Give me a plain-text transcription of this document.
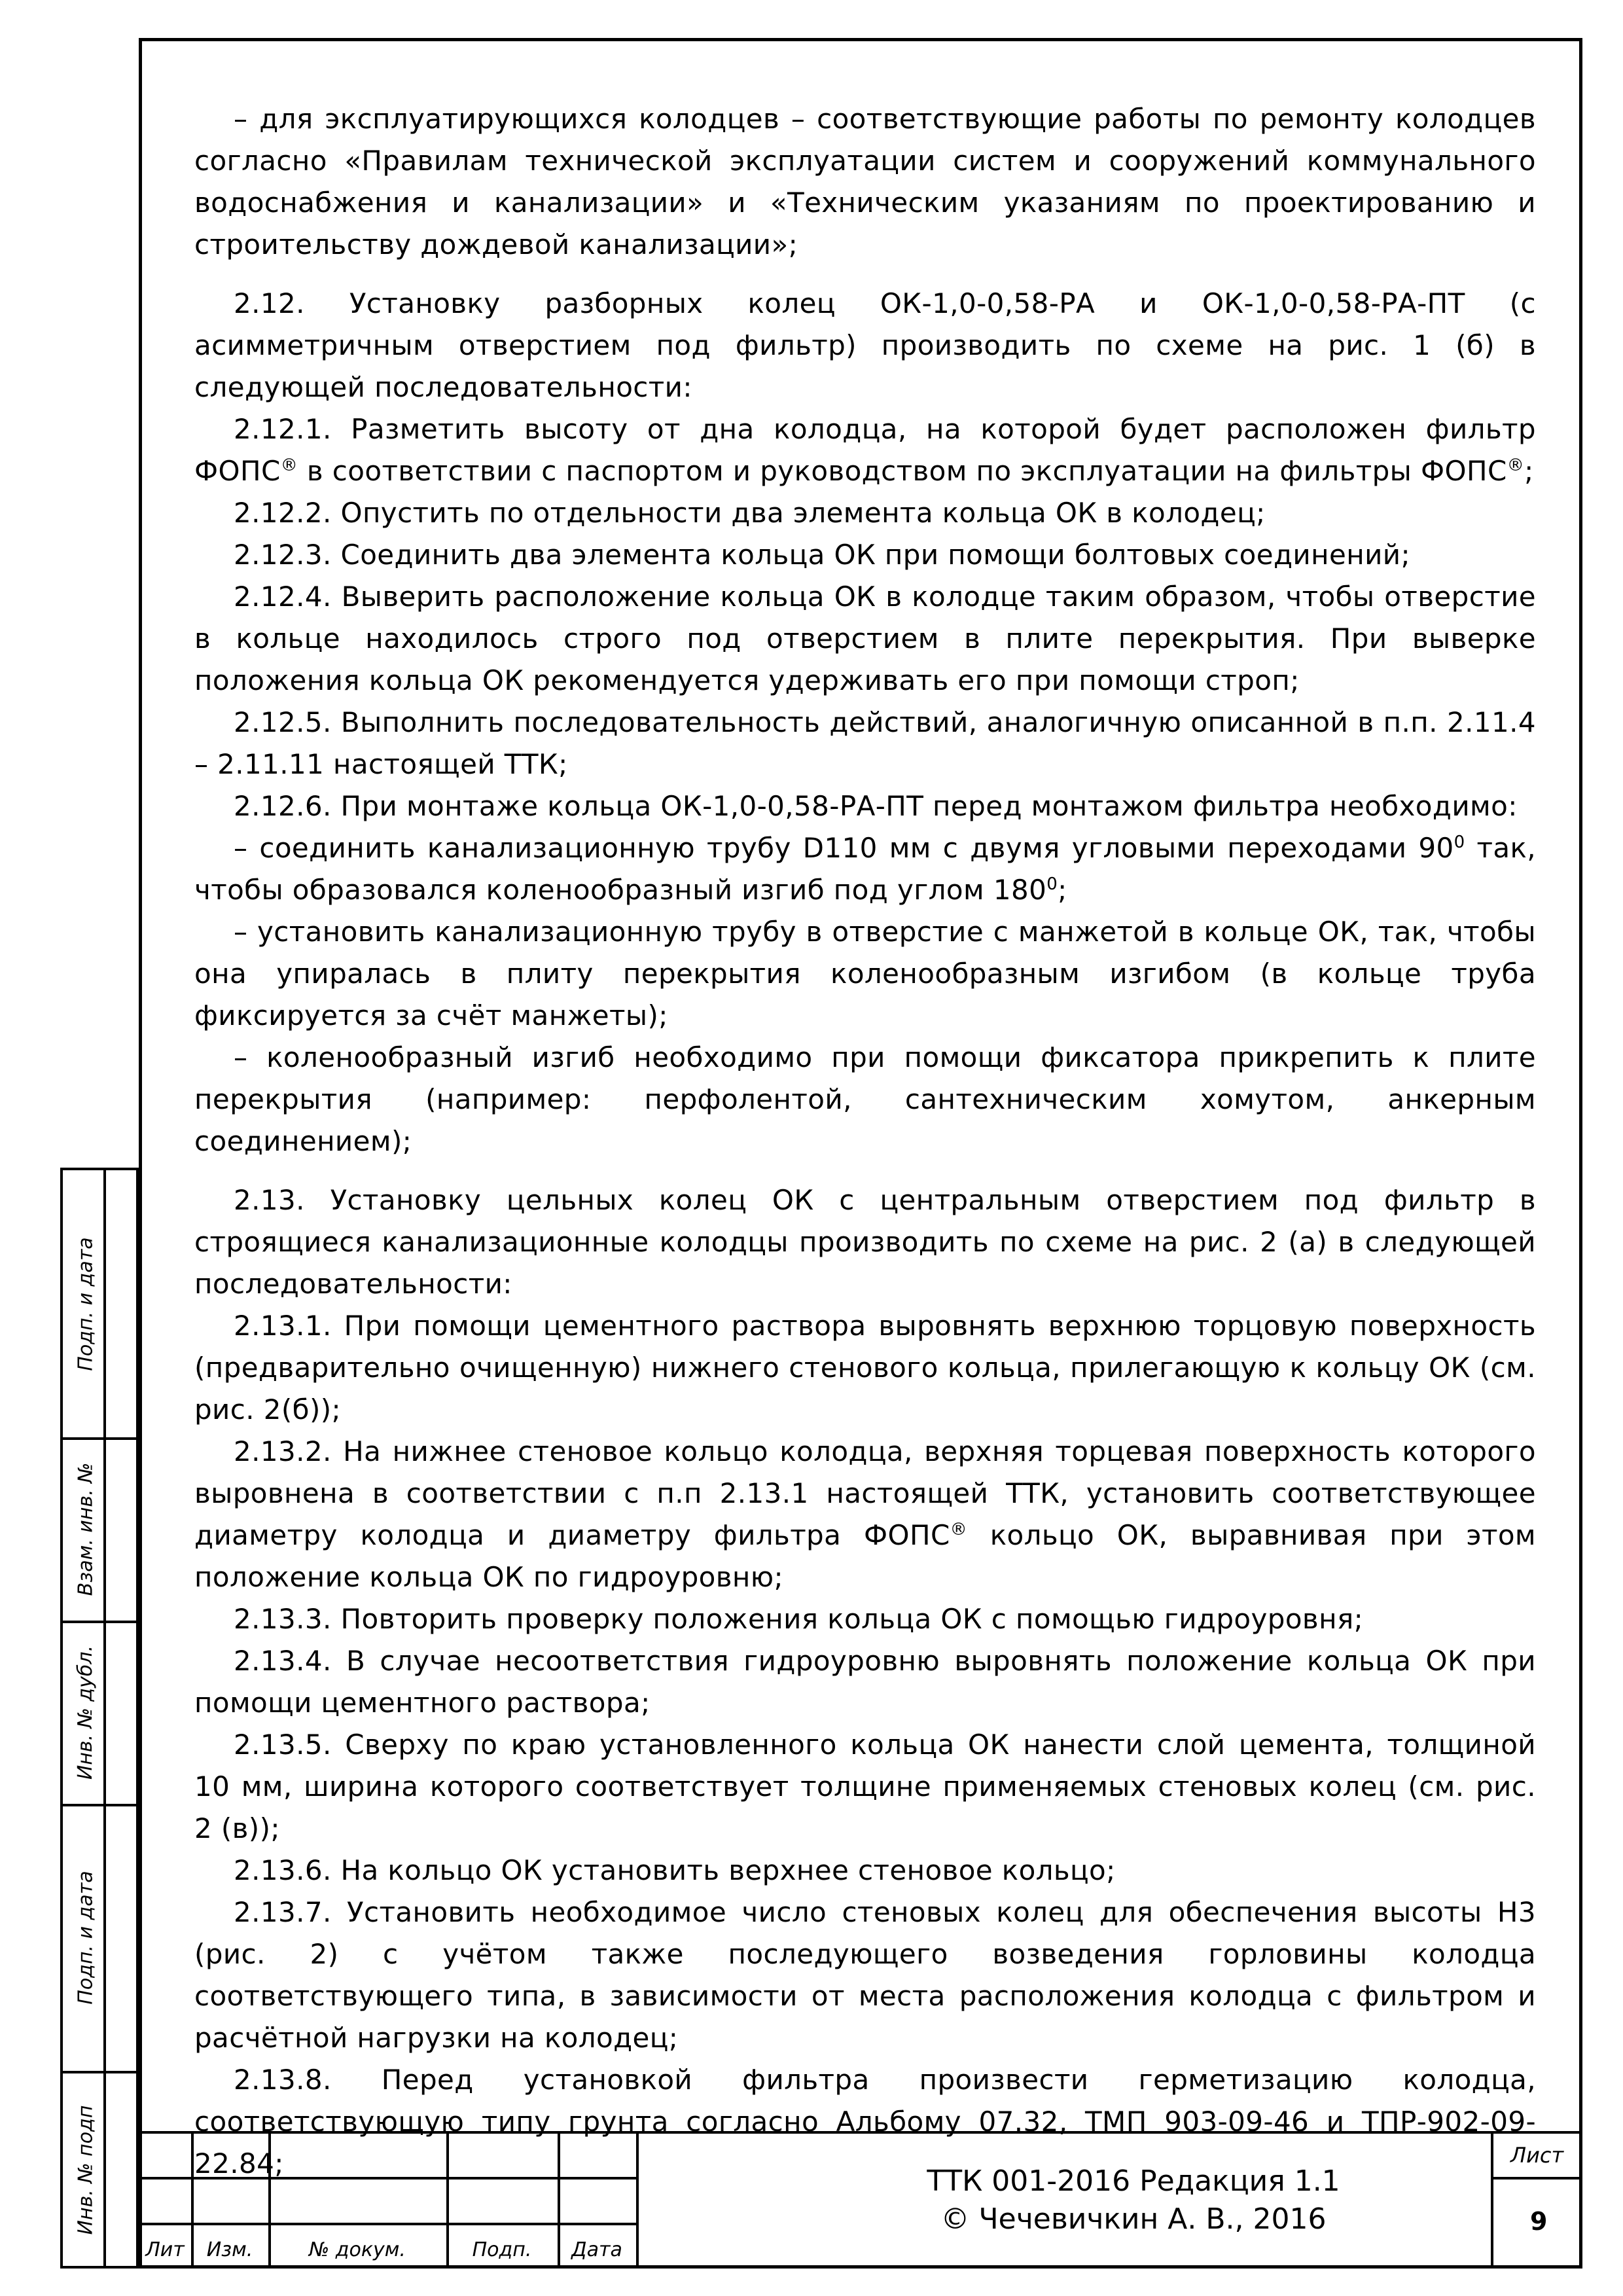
– для эксплуатирующихся колодцев – соответствующие работы по ремонту колодцев согласно «Правилам технической эксплуатации систем и сооружений коммунального водоснабжения и канализации» и «Техническим указаниям по проектированию и строительству дождевой канализации»;

2.12. Установку разборных колец ОК-1,0-0,58-РА и ОК-1,0-0,58-РА-ПТ (с асимметричным отверстием под фильтр) производить по схеме на рис. 1 (б) в следующей последовательности:

2.12.1. Разметить высоту от дна колодца, на которой будет расположен фильтр ФОПС® в соответствии с паспортом и руководством по эксплуатации на фильтры ФОПС®;

2.12.2. Опустить по отдельности два элемента кольца ОК в колодец;

2.12.3. Соединить два элемента кольца ОК при помощи болтовых соединений;

2.12.4. Выверить расположение кольца ОК в колодце таким образом, чтобы отверстие в кольце находилось строго под отверстием в плите перекрытия. При выверке положения кольца ОК рекомендуется удерживать его при помощи строп;

2.12.5. Выполнить последовательность действий, аналогичную описанной в п.п. 2.11.4 – 2.11.11 настоящей ТТК;

2.12.6. При монтаже кольца ОК-1,0-0,58-РА-ПТ перед монтажом фильтра необходимо:

– соединить канализационную трубу D110 мм с двумя угловыми переходами $90^0$ так, чтобы образовался коленообразный изгиб под углом $180^0$;

– установить канализационную трубу в отверстие с манжетой в кольце ОК, так, чтобы она упиралась в плиту перекрытия коленообразным изгибом (в кольце труба фиксируется за счёт манжеты);

– коленообразный изгиб необходимо при помощи фиксатора прикрепить к плите перекрытия (например: перфолентой, сантехническим хомутом, анкерным соединением);

2.13. Установку цельных колец ОК с центральным отверстием под фильтр в строящиеся канализационные колодцы производить по схеме на рис. 2 (а) в следующей последовательности:

2.13.1. При помощи цементного раствора выровнять верхнюю торцовую поверхность (предварительно очищенную) нижнего стенового кольца, прилегающую к кольцу ОК (см. рис. 2(б));

2.13.2. На нижнее стеновое кольцо колодца, верхняя торцевая поверхность которого выровнена в соответствии с п.п 2.13.1 настоящей ТТК, установить соответствующее диаметру колодца и диаметру фильтра ФОПС® кольцо ОК, выравнивая при этом положение кольца ОК по гидроуровню;

2.13.3. Повторить проверку положения кольца ОК с помощью гидроуровня;

2.13.4. В случае несоответствия гидроуровню выровнять положение кольца ОК при помощи цементного раствора;

2.13.5. Сверху по краю установленного кольца ОК нанести слой цемента, толщиной 10 мм, ширина которого соответствует толщине применяемых стеновых колец (см. рис. 2 (в));

2.13.6. На кольцо ОК установить верхнее стеновое кольцо;

2.13.7. Установить необходимое число стеновых колец для обеспечения высоты Н3 (рис. 2) с учётом также последующего возведения горловины колодца соответствующего типа, в зависимости от места расположения колодца с фильтром и расчётной нагрузки на колодец;

2.13.8. Перед установкой фильтра произвести герметизацию колодца, соответствующую типу грунта согласно Альбому 07.32, ТМП 903-09-46 и ТПР-902-09-22.84;

Подп. и дата
Взам. инв. №
Инв. № дубл.
Подп. и дата
Инв. № подп
Лит	Изм.	№ докум.	Подп.	Дата
ТТК 001-2016 Редакция 1.1
© Чечевичкин А. В., 2016
Лист
9
